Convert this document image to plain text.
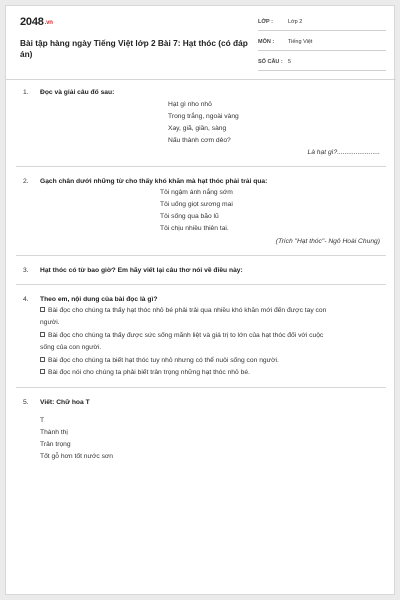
2048.vn
Bài tập hàng ngày Tiếng Việt lớp 2 Bài 7: Hạt thóc (có đáp án)
LỚP :	Lớp 2
MÔN :	Tiếng Việt
SỐ CÂU : 5
1.	Đọc và giải câu đố sau:
Hạt gì nho nhỏ
Trong trắng, ngoài vàng
Xay, giã, giần, sàng
Nấu thành cơm dẻo?
Là hạt gì?.......................
2.	Gạch chân dưới những từ cho thấy khó khăn mà hạt thóc phải trải qua:
Tôi ngậm ánh nắng sớm
Tôi uống giọt sương mai
Tôi sống qua bão lũ
Tôi chịu nhiều thiên tai.
(Trích "Hạt thóc"- Ngô Hoài Chung)
3.	Hạt thóc có từ bao giờ? Em hãy viết lại câu thơ nói về điều này:
4.	Theo em, nội dung của bài đọc là gì?
Bài đọc cho chúng ta thấy hạt thóc nhỏ bé phải trải qua nhiều khó khăn mới đến được tay con
người.
Bài đọc cho chúng ta thấy được sức sống mãnh liệt và giá trị to lớn của hạt thóc đối với cuộc
sống của con người.
Bài đọc cho chúng ta biết hạt thóc tuy nhỏ nhưng có thể nuôi sống con người.
Bài đọc nói cho chúng ta phải biết trân trọng những hạt thóc nhỏ bé.
5.	Viết: Chữ hoa T
T
Thành thị
Trân trọng
Tốt gỗ hơn tốt nước sơn
